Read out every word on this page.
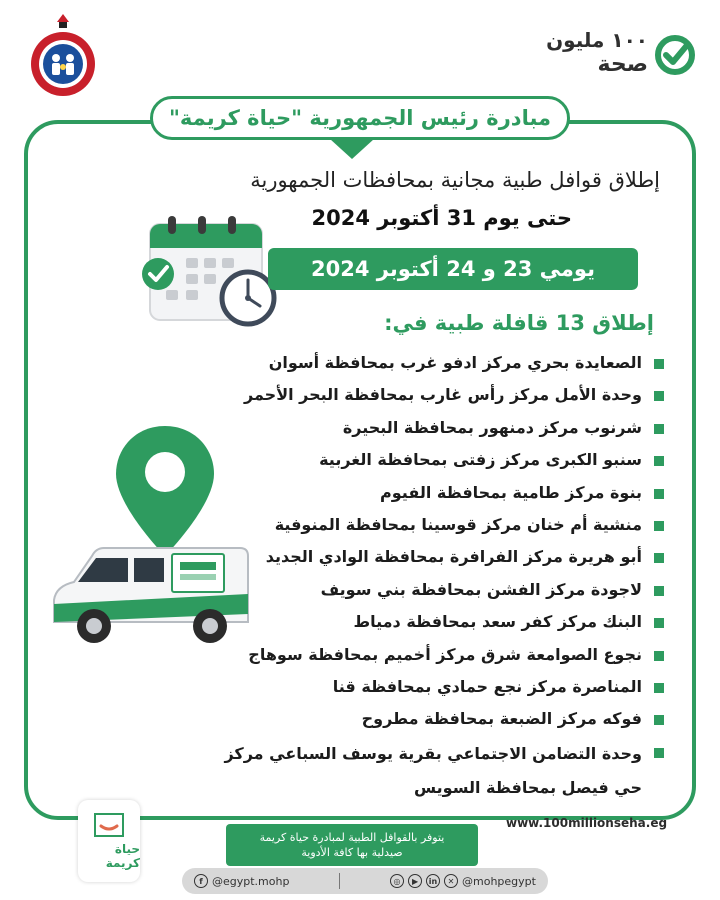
١٠٠ مليون
صحة
مبادرة رئيس الجمهورية "حياة كريمة"
إطلاق قوافل طبية مجانية بمحافظات الجمهورية
حتى يوم 31 أكتوبر 2024
يومي 23 و 24 أكتوبر 2024
إطلاق 13 قافلة طبية في:
الصعايدة بحري مركز ادفو غرب بمحافظة أسوان
وحدة الأمل مركز رأس غارب بمحافظة البحر الأحمر
شرنوب مركز دمنهور بمحافظة البحيرة
سنبو الكبرى مركز زفتى بمحافظة الغربية
بنوة مركز طامية بمحافظة الفيوم
منشية أم خنان مركز قوسينا بمحافظة المنوفية
أبو هريرة مركز الفرافرة بمحافظة الوادي الجديد
لاجودة مركز الفشن بمحافظة بني سويف
البنك مركز كفر سعد بمحافظة دمياط
نجوع الصوامعة شرق مركز أخميم بمحافظة سوهاج
المناصرة مركز نجع حمادي بمحافظة قنا
فوكه مركز الضبعة بمحافظة مطروح
وحدة التضامن الاجتماعي بقرية يوسف السباعي مركز حي فيصل بمحافظة السويس
حياة كريمة
يتوفر بالقوافل الطبية لمبادرة حياة كريمة
صيدلية بها كافة الأدوية
www.100millionseha.eg
f @egypt.mohp	◎	▶	in	✕ @mohpegypt
